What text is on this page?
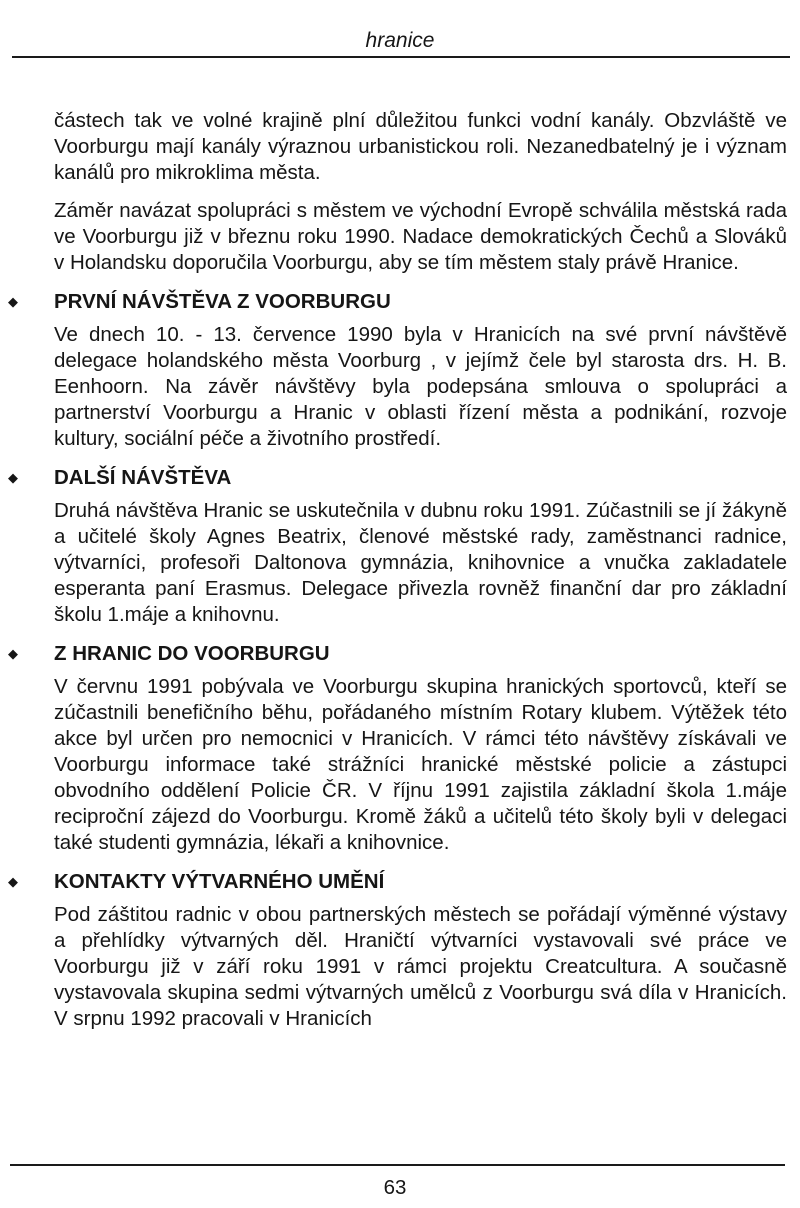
hranice

částech tak ve volné krajině plní důležitou funkci vodní kanály. Obzvláště ve Voorburgu mají kanály výraznou urbanistickou roli. Nezanedbatelný je i význam kanálů pro mikroklima města.

Záměr navázat spolupráci s městem ve východní Evropě schválila městská rada ve Voorburgu již v březnu roku 1990. Nadace demokratických Čechů a Slováků v Holandsku doporučila Voorburgu, aby se tím městem staly právě Hranice.

◆ PRVNÍ NÁVŠTĚVA Z VOORBURGU

Ve dnech 10. - 13. července 1990 byla v Hranicích na své první návštěvě delegace holandského města Voorburg , v jejímž čele byl starosta drs. H. B. Eenhoorn. Na závěr návštěvy byla podepsána smlouva o spolupráci a partnerství Voorburgu a Hranic v oblasti řízení města a podnikání, rozvoje kultury, sociální péče a životního prostředí.

◆ DALŠÍ NÁVŠTĚVA

Druhá návštěva Hranic se uskutečnila v dubnu roku 1991. Zúčastnili se jí žákyně a učitelé školy Agnes Beatrix, členové městské rady, zaměstnanci radnice, výtvarníci, profesoři Daltonova gymnázia, knihovnice a vnučka zakladatele esperanta paní Erasmus. Delegace přivezla rovněž finanční dar pro základní školu 1.máje a knihovnu.

◆ Z HRANIC DO VOORBURGU

V červnu 1991 pobývala ve Voorburgu skupina hranických sportovců, kteří se zúčastnili benefičního běhu, pořádaného místním Rotary klubem. Výtěžek této akce byl určen pro nemocnici v Hranicích. V rámci této návštěvy získávali ve Voorburgu informace také strážníci hranické městské policie a zástupci obvodního oddělení Policie ČR. V říjnu 1991 zajistila základní škola 1.máje reciproční zájezd do Voorburgu. Kromě žáků a učitelů této školy byli v delegaci také studenti gymnázia, lékaři a knihovnice.

◆ KONTAKTY VÝTVARNÉHO UMĚNÍ

Pod záštitou radnic v obou partnerských městech se pořádají výměnné výstavy a přehlídky výtvarných děl. Hraničtí výtvarníci vystavovali své práce ve Voorburgu již v září roku 1991 v rámci projektu Creatcultura. A současně vystavovala skupina sedmi výtvarných umělců z Voorburgu svá díla v Hranicích. V srpnu 1992 pracovali v Hranicích

63
